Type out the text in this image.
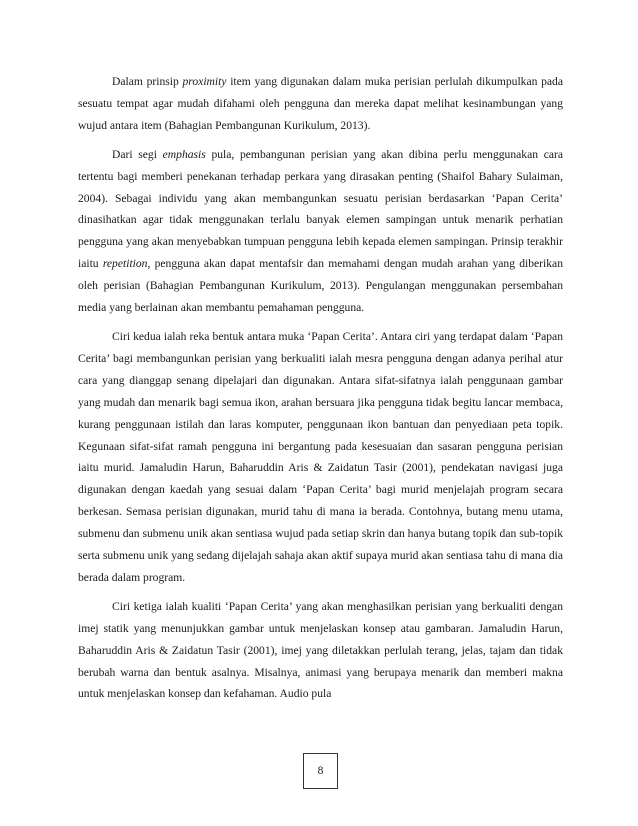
Dalam prinsip proximity item yang digunakan dalam muka perisian perlulah dikumpulkan pada sesuatu tempat agar mudah difahami oleh pengguna dan mereka dapat melihat kesinambungan yang wujud antara item (Bahagian Pembangunan Kurikulum, 2013).

Dari segi emphasis pula, pembangunan perisian yang akan dibina perlu menggunakan cara tertentu bagi memberi penekanan terhadap perkara yang dirasakan penting (Shaifol Bahary Sulaiman, 2004). Sebagai individu yang akan membangunkan sesuatu perisian berdasarkan ‘Papan Cerita’ dinasihatkan agar tidak menggunakan terlalu banyak elemen sampingan untuk menarik perhatian pengguna yang akan menyebabkan tumpuan pengguna lebih kepada elemen sampingan. Prinsip terakhir iaitu repetition, pengguna akan dapat mentafsir dan memahami dengan mudah arahan yang diberikan oleh perisian (Bahagian Pembangunan Kurikulum, 2013). Pengulangan menggunakan persembahan media yang berlainan akan membantu pemahaman pengguna.

Ciri kedua ialah reka bentuk antara muka ‘Papan Cerita’. Antara ciri yang terdapat dalam ‘Papan Cerita’ bagi membangunkan perisian yang berkualiti ialah mesra pengguna dengan adanya perihal atur cara yang dianggap senang dipelajari dan digunakan. Antara sifat-sifatnya ialah penggunaan gambar yang mudah dan menarik bagi semua ikon, arahan bersuara jika pengguna tidak begitu lancar membaca, kurang penggunaan istilah dan laras komputer, penggunaan ikon bantuan dan penyediaan peta topik. Kegunaan sifat-sifat ramah pengguna ini bergantung pada kesesuaian dan sasaran pengguna perisian iaitu murid. Jamaludin Harun, Baharuddin Aris & Zaidatun Tasir (2001), pendekatan navigasi juga digunakan dengan kaedah yang sesuai dalam ‘Papan Cerita’ bagi murid menjelajah program secara berkesan. Semasa perisian digunakan, murid tahu di mana ia berada. Contohnya, butang menu utama, submenu dan submenu unik akan sentiasa wujud pada setiap skrin dan hanya butang topik dan sub-topik serta submenu unik yang sedang dijelajah sahaja akan aktif supaya murid akan sentiasa tahu di mana dia berada dalam program.

Ciri ketiga ialah kualiti ‘Papan Cerita’ yang akan menghasilkan perisian yang berkualiti dengan imej statik yang menunjukkan gambar untuk menjelaskan konsep atau gambaran. Jamaludin Harun, Baharuddin Aris & Zaidatun Tasir (2001), imej yang diletakkan perlulah terang, jelas, tajam dan tidak berubah warna dan bentuk asalnya. Misalnya, animasi yang berupaya menarik dan memberi makna untuk menjelaskan konsep dan kefahaman. Audio pula

8
